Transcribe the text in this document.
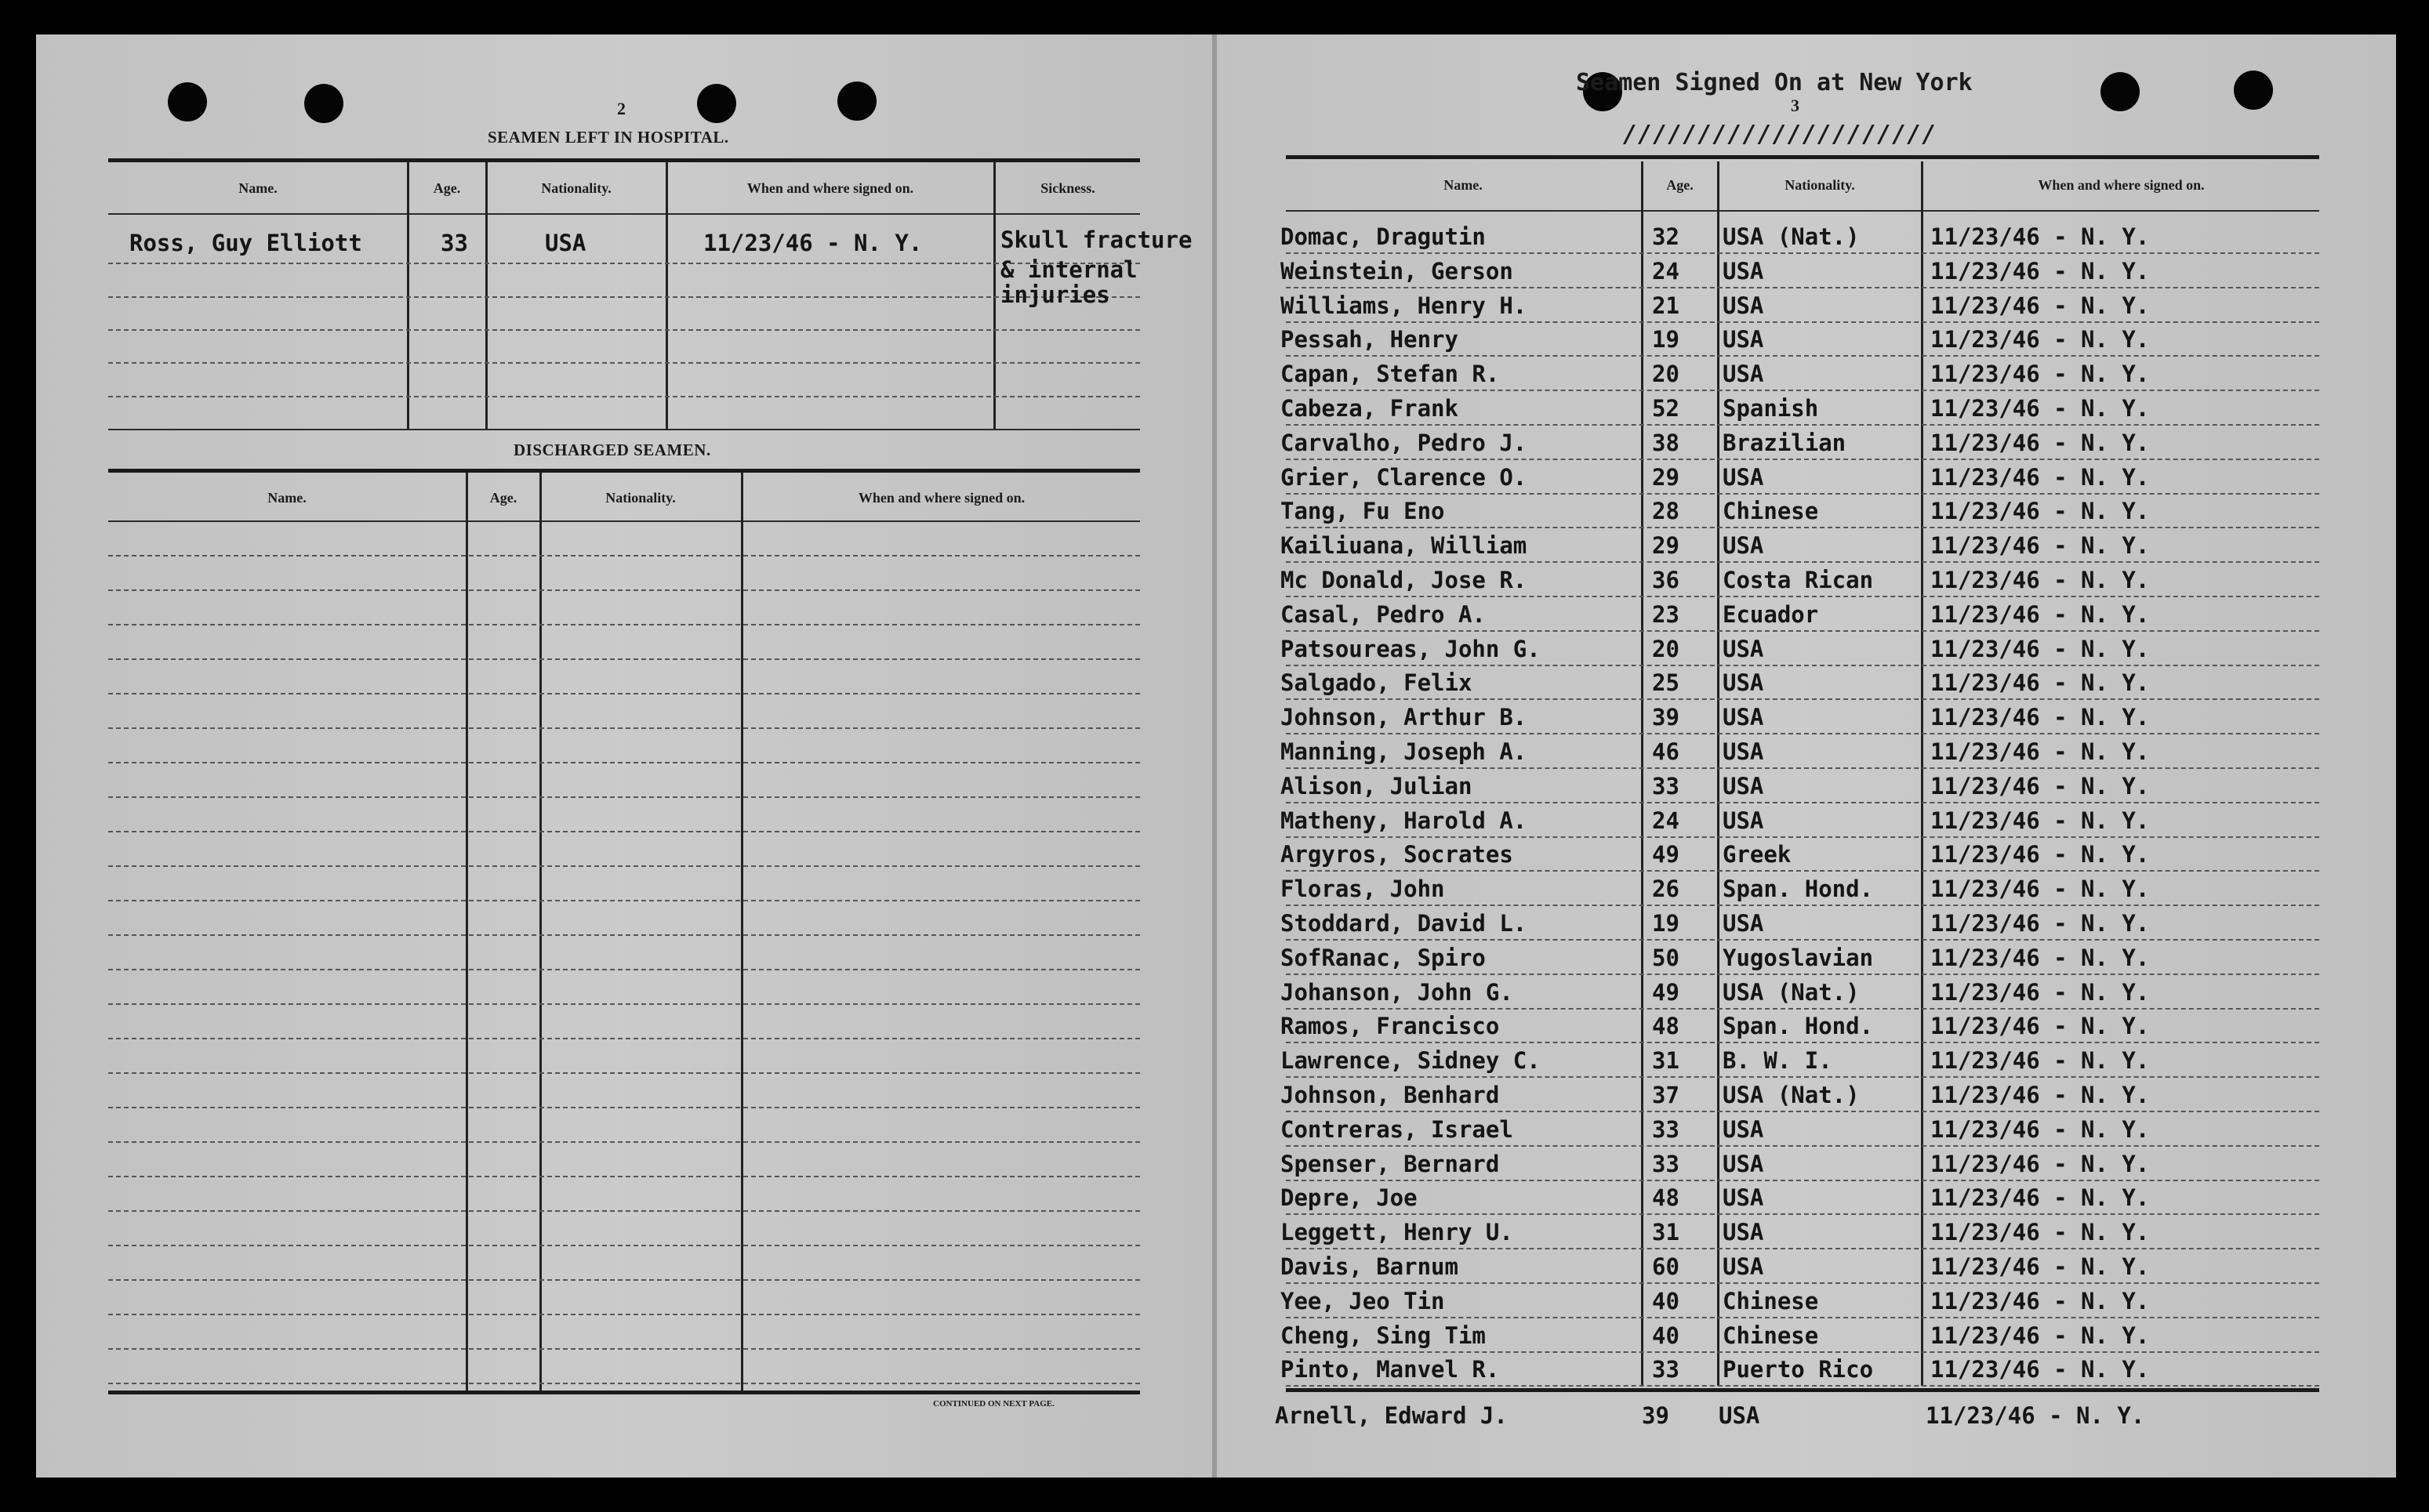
2
SEAMEN LEFT IN HOSPITAL.
Name.	Age.	Nationality.	When and where signed on.	Sickness.
Ross, Guy Elliott	33	USA	11/23/46 - N. Y.	Skull fracture
& internal
injuries
DISCHARGED SEAMEN.
Name.	Age.	Nationality.	When and where signed on.
CONTINUED ON NEXT PAGE.
Seamen Signed On at New York
3
/////////////////////
Name.	Age.	Nationality.	When and where signed on.
Domac, Dragutin	32 USA (Nat.)	11/23/46 - N. Y.
Weinstein, Gerson	24 USA	11/23/46 - N. Y.
Williams, Henry H.	21 USA	11/23/46 - N. Y.
Pessah, Henry	19 USA	11/23/46 - N. Y.
Capan, Stefan R.	20 USA	11/23/46 - N. Y.
Cabeza, Frank	52 Spanish	11/23/46 - N. Y.
Carvalho, Pedro J.	38 Brazilian	11/23/46 - N. Y.
Grier, Clarence O.	29 USA	11/23/46 - N. Y.
Tang, Fu Eno	28 Chinese	11/23/46 - N. Y.
Kailiuana, William	29 USA	11/23/46 - N. Y.
Mc Donald, Jose R.	36 Costa Rican	11/23/46 - N. Y.
Casal, Pedro A.	23 Ecuador	11/23/46 - N. Y.
Patsoureas, John G.	20 USA	11/23/46 - N. Y.
Salgado, Felix	25 USA	11/23/46 - N. Y.
Johnson, Arthur B.	39 USA	11/23/46 - N. Y.
Manning, Joseph A.	46 USA	11/23/46 - N. Y.
Alison, Julian	33 USA	11/23/46 - N. Y.
Matheny, Harold A.	24 USA	11/23/46 - N. Y.
Argyros, Socrates	49 Greek	11/23/46 - N. Y.
Floras, John	26 Span. Hond.	11/23/46 - N. Y.
Stoddard, David L.	19 USA	11/23/46 - N. Y.
SofRanac, Spiro	50 Yugoslavian	11/23/46 - N. Y.
Johanson, John G.	49 USA (Nat.)	11/23/46 - N. Y.
Ramos, Francisco	48 Span. Hond.	11/23/46 - N. Y.
Lawrence, Sidney C.	31 B. W. I.	11/23/46 - N. Y.
Johnson, Benhard	37 USA (Nat.)	11/23/46 - N. Y.
Contreras, Israel	33 USA	11/23/46 - N. Y.
Spenser, Bernard	33 USA	11/23/46 - N. Y.
Depre, Joe	48 USA	11/23/46 - N. Y.
Leggett, Henry U.	31 USA	11/23/46 - N. Y.
Davis, Barnum	60 USA	11/23/46 - N. Y.
Yee, Jeo Tin	40 Chinese	11/23/46 - N. Y.
Cheng, Sing Tim	40 Chinese	11/23/46 - N. Y.
Pinto, Manvel R.	33 Puerto Rico	11/23/46 - N. Y.
Arnell, Edward J.	39 USA	11/23/46 - N. Y.
